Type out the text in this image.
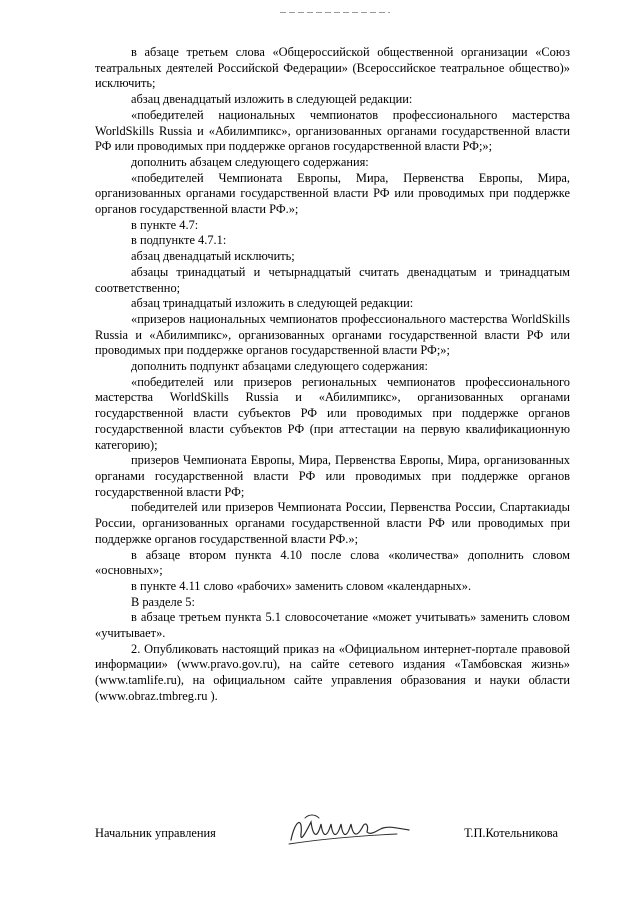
в абзаце третьем слова «Общероссийской общественной организации «Союз театральных деятелей Российской Федерации» (Всероссийское театральное общество)» исключить;

абзац двенадцатый изложить в следующей редакции:

«победителей национальных чемпионатов профессионального мастерства WorldSkills Russia и «Абилимпикс», организованных органами государственной власти РФ или проводимых при поддержке органов государственной власти РФ;»;

дополнить абзацем следующего содержания:

«победителей Чемпионата Европы, Мира, Первенства Европы, Мира, организованных органами государственной власти РФ или проводимых при поддержке органов государственной власти РФ.»;

в пункте 4.7:

в подпункте 4.7.1:

абзац двенадцатый исключить;

абзацы тринадцатый и четырнадцатый считать двенадцатым и тринадцатым соответственно;

абзац тринадцатый изложить в следующей редакции:

«призеров национальных чемпионатов профессионального мастерства WorldSkills Russia и «Абилимпикс», организованных органами государственной власти РФ или проводимых при поддержке органов государственной власти РФ;»;

дополнить подпункт абзацами следующего содержания:

«победителей или призеров региональных чемпионатов профессионального мастерства WorldSkills Russia и «Абилимпикс», организованных органами государственной власти субъектов РФ или проводимых при поддержке органов государственной власти субъектов РФ (при аттестации на первую квалификационную категорию);

призеров Чемпионата Европы, Мира, Первенства Европы, Мира, организованных органами государственной власти РФ или проводимых при поддержке органов государственной власти РФ;

победителей или призеров Чемпионата России, Первенства России, Спартакиады России, организованных органами государственной власти РФ или проводимых при поддержке органов государственной власти РФ.»;

в абзаце втором пункта 4.10 после слова «количества» дополнить словом «основных»;

в пункте 4.11 слово «рабочих» заменить словом «календарных».

В разделе 5:

в абзаце третьем пункта 5.1 словосочетание «может учитывать» заменить словом «учитывает».

2. Опубликовать настоящий приказ на «Официальном интернет-портале правовой информации» (www.pravo.gov.ru), на сайте сетевого издания «Тамбовская жизнь» (www.tamlife.ru), на официальном сайте управления образования и науки области (www.obraz.tmbreg.ru ).

Начальник управления	Т.П.Котельникова
